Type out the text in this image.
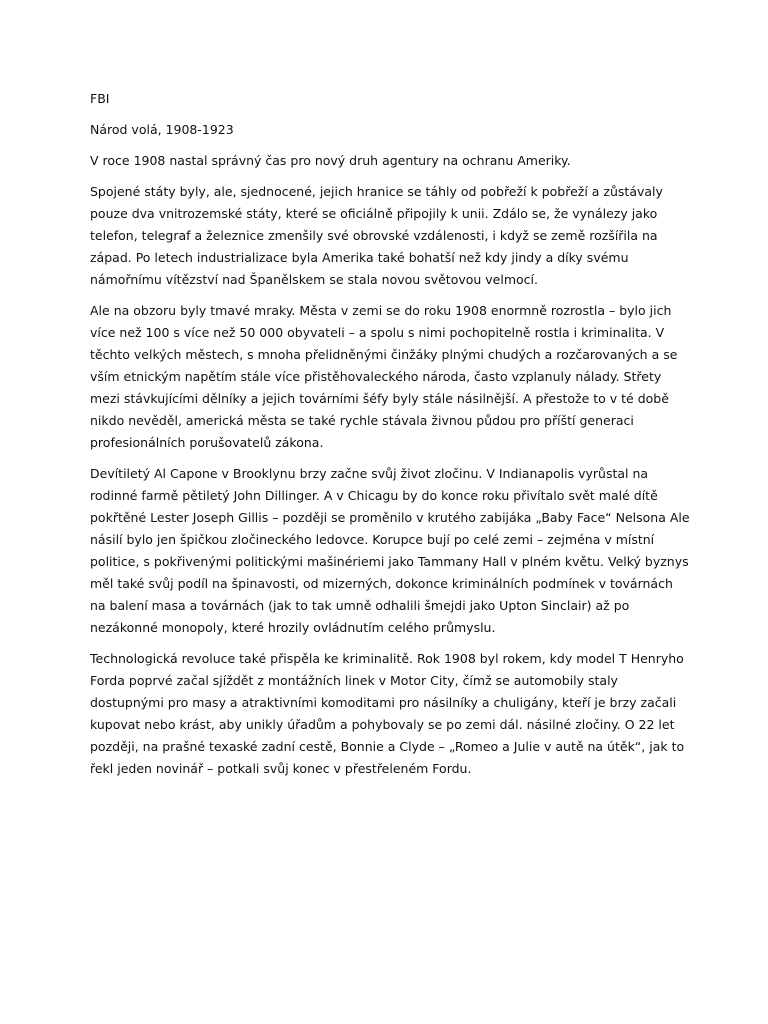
FBI

Národ volá, 1908-1923

V roce 1908 nastal správný čas pro nový druh agentury na ochranu Ameriky.

Spojené státy byly, ale, sjednocené, jejich hranice se táhly od pobřeží k pobřeží a zůstávaly pouze dva vnitrozemské státy, které se oficiálně připojily k unii. Zdálo se, že vynálezy jako telefon, telegraf a železnice zmenšily své obrovské vzdálenosti, i když se země rozšířila na západ. Po letech industrializace byla Amerika také bohatší než kdy jindy a díky svému námořnímu vítězství nad Španělskem se stala novou světovou velmocí.

Ale na obzoru byly tmavé mraky. Města v zemi se do roku 1908 enormně rozrostla – bylo jich více než 100 s více než 50 000 obyvateli – a spolu s nimi pochopitelně rostla i kriminalita. V těchto velkých městech, s mnoha přelidněnými činžáky plnými chudých a rozčarovaných a se vším etnickým napětím stále více přistěhovaleckého národa, často vzplanuly nálady. Střety mezi stávkujícími dělníky a jejich továrními šéfy byly stále násilnější. A přestože to v té době nikdo nevěděl, americká města se také rychle stávala živnou půdou pro příští generaci profesionálních porušovatelů zákona.

Devítiletý Al Capone v Brooklynu brzy začne svůj život zločinu. V Indianapolis vyrůstal na rodinné farmě pětiletý John Dillinger. A v Chicagu by do konce roku přivítalo svět malé dítě pokřtěné Lester Joseph Gillis – později se proměnilo v krutého zabijáka „Baby Face“ Nelsona Ale násilí bylo jen špičkou zločineckého ledovce. Korupce bují po celé zemi – zejména v místní politice, s pokřivenými politickými mašinériemi jako Tammany Hall v plném květu. Velký byznys měl také svůj podíl na špinavosti, od mizerných, dokonce kriminálních podmínek v továrnách na balení masa a továrnách (jak to tak umně odhalili šmejdi jako Upton Sinclair) až po nezákonné monopoly, které hrozily ovládnutím celého průmyslu.

Technologická revoluce také přispěla ke kriminalitě. Rok 1908 byl rokem, kdy model T Henryho Forda poprvé začal sjíždět z montážních linek v Motor City, čímž se automobily staly dostupnými pro masy a atraktivními komoditami pro násilníky a chuligány, kteří je brzy začali kupovat nebo krást, aby unikly úřadům a pohybovaly se po zemi dál. násilné zločiny. O 22 let později, na prašné texaské zadní cestě, Bonnie a Clyde – „Romeo a Julie v autě na útěk“, jak to řekl jeden novinář – potkali svůj konec v přestřeleném Fordu.
